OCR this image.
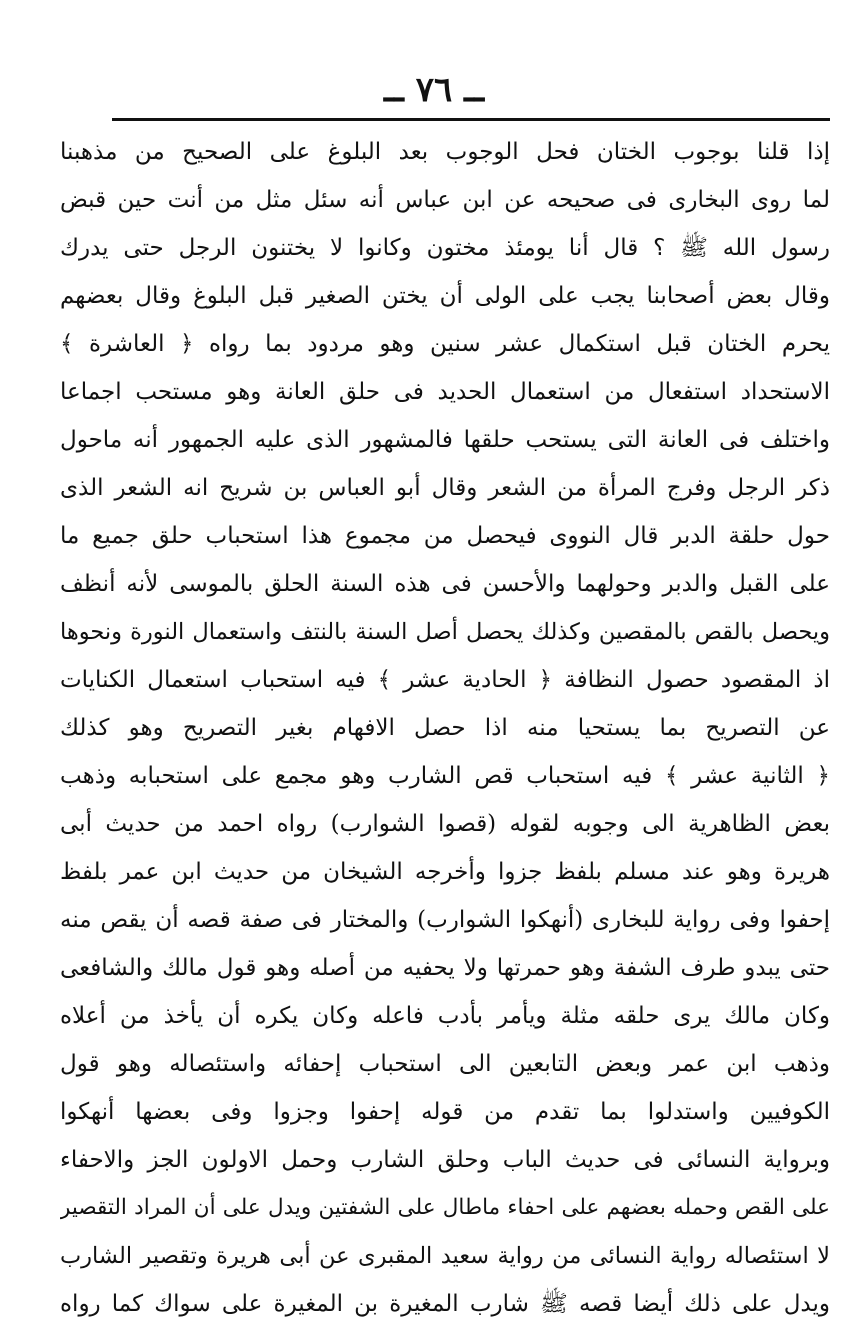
ــ ٧٦ ــ
إذا قلنا بوجوب الختان فحل الوجوب بعد البلوغ على الصحيح من مذهبنا
لما روى البخارى فى صحيحه عن ابن عباس أنه سئل مثل من أنت حين قبض
رسول الله ﷺ ؟ قال أنا يومئذ مختون وكانوا لا يختنون الرجل حتى يدرك
وقال بعض أصحابنا يجب على الولى أن يختن الصغير قبل البلوغ وقال بعضهم
يحرم الختان قبل استكمال عشر سنين وهو مردود بما رواه ﴿ العاشرة ﴾
الاستحداد استفعال من استعمال الحديد فى حلق العانة وهو مستحب اجماعا
واختلف فى العانة التى يستحب حلقها فالمشهور الذى عليه الجمهور أنه ماحول
ذكر الرجل وفرج المرأة من الشعر وقال أبو العباس بن شريح انه الشعر الذى
حول حلقة الدبر قال النووى فيحصل من مجموع هذا استحباب حلق جميع ما
على القبل والدبر وحولهما والأحسن فى هذه السنة الحلق بالموسى لأنه أنظف
ويحصل بالقص بالمقصين وكذلك يحصل أصل السنة بالنتف واستعمال النورة ونحوها
اذ المقصود حصول النظافة ﴿ الحادية عشر ﴾ فيه استحباب استعمال الكنايات
عن التصريح بما يستحيا منه اذا حصل الافهام بغير التصريح وهو كذلك
﴿ الثانية عشر ﴾ فيه استحباب قص الشارب وهو مجمع على استحبابه وذهب
بعض الظاهرية الى وجوبه لقوله (قصوا الشوارب) رواه احمد من حديث أبى
هريرة وهو عند مسلم بلفظ جزوا وأخرجه الشيخان من حديث ابن عمر بلفظ
إحفوا وفى رواية للبخارى (أنهكوا الشوارب) والمختار فى صفة قصه أن يقص منه
حتى يبدو طرف الشفة وهو حمرتها ولا يحفيه من أصله وهو قول مالك والشافعى
وكان مالك يرى حلقه مثلة ويأمر بأدب فاعله وكان يكره أن يأخذ من أعلاه
وذهب ابن عمر وبعض التابعين الى استحباب إحفائه واستئصاله وهو قول
الكوفيين واستدلوا بما تقدم من قوله إحفوا وجزوا وفى بعضها أنهكوا
وبرواية النسائى فى حديث الباب وحلق الشارب وحمل الاولون الجز والاحفاء
على القص وحمله بعضهم على احفاء ماطال على الشفتين ويدل على أن المراد التقصير
لا استئصاله رواية النسائى من رواية سعيد المقبرى عن أبى هريرة وتقصير الشارب
ويدل على ذلك أيضا قصه ﷺ شارب المغيرة بن المغيرة على سواك كما رواه
